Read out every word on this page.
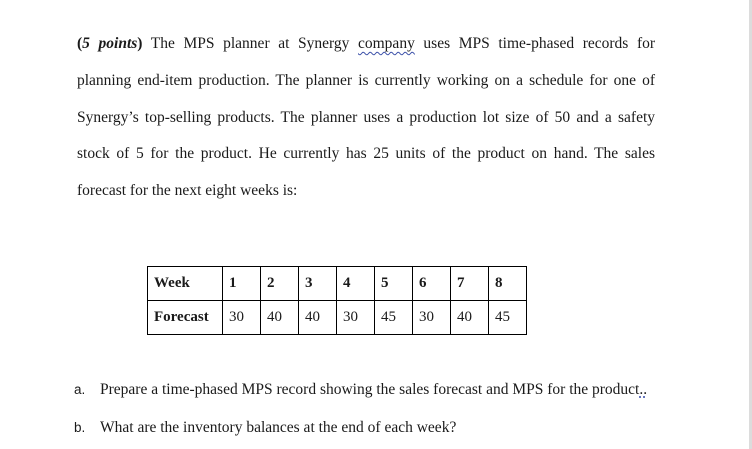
(5 points) The MPS planner at Synergy company uses MPS time-phased records for planning end-item production. The planner is currently working on a schedule for one of Synergy’s top-selling products. The planner uses a production lot size of 50 and a safety stock of 5 for the product. He currently has 25 units of the product on hand. The sales forecast for the next eight weeks is:

Week	1	2	3	4	5	6	7	8
Forecast	30	40	40	30	45	30	40	45
a. Prepare a time-phased MPS record showing the sales forecast and MPS for the product..
b. What are the inventory balances at the end of each week?
